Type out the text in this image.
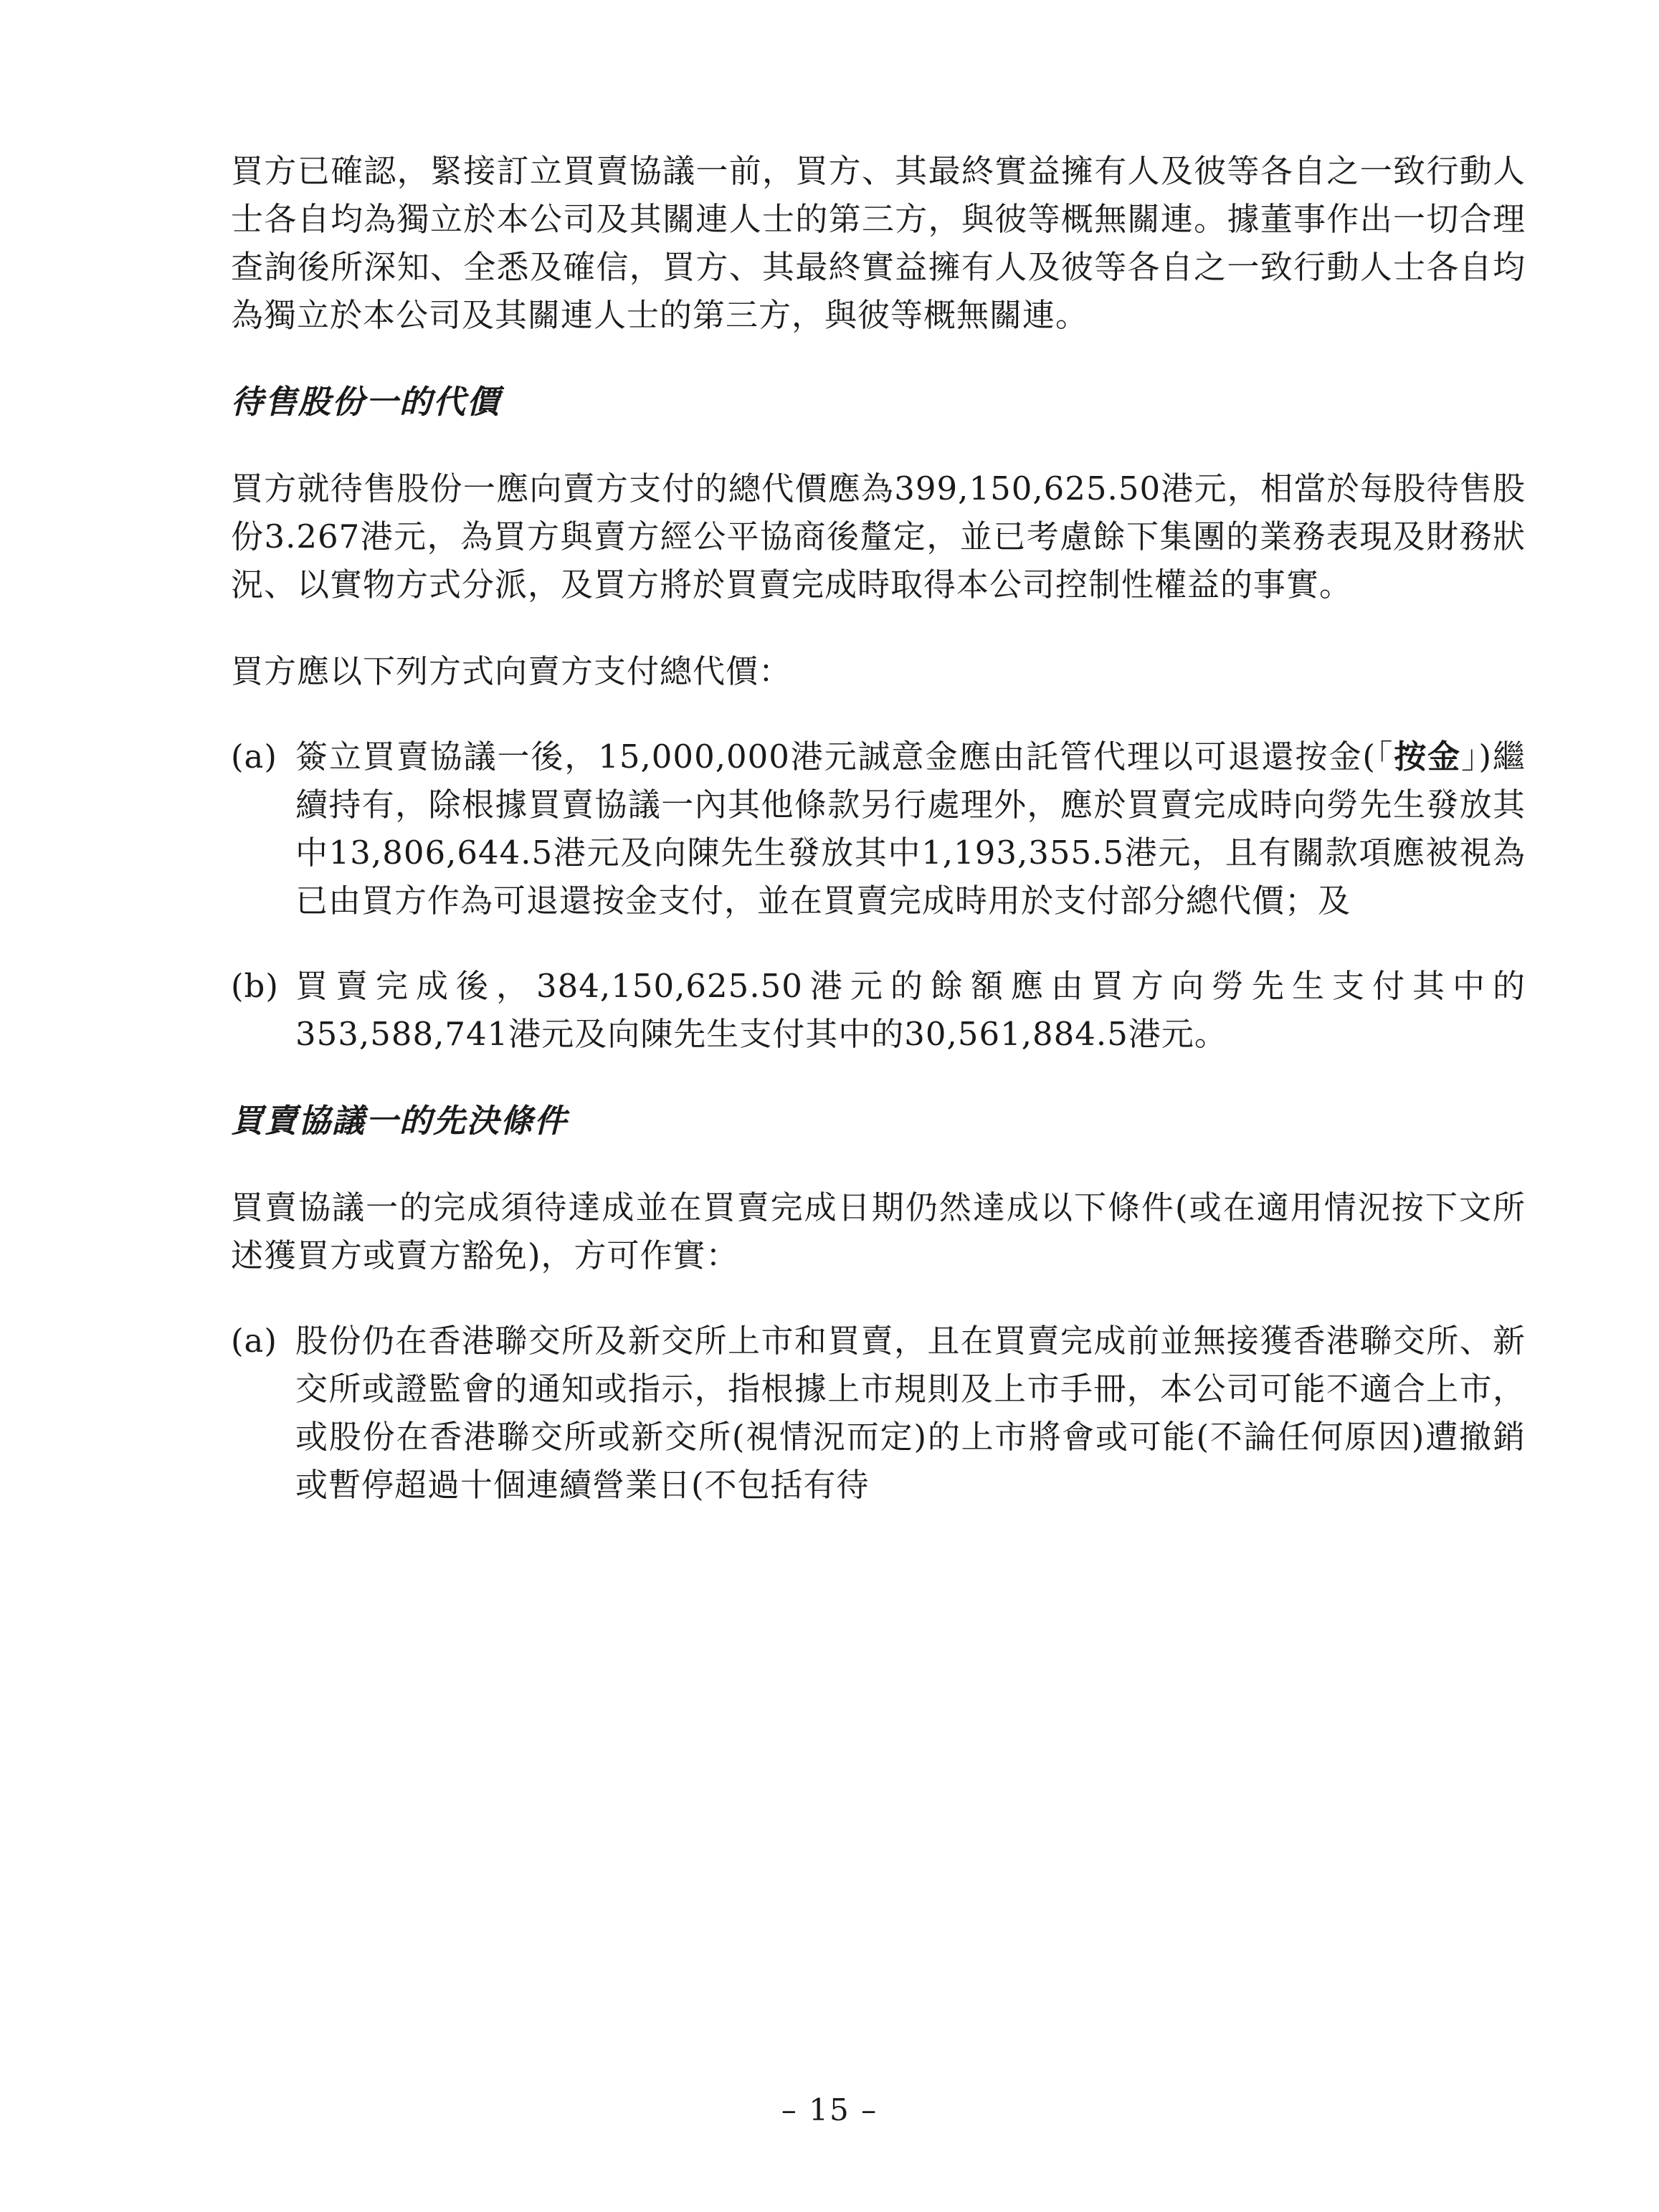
買方已確認，緊接訂立買賣協議一前，買方、其最終實益擁有人及彼等各自之一致行動人士各自均為獨立於本公司及其關連人士的第三方，與彼等概無關連。據董事作出一切合理查詢後所深知、全悉及確信，買方、其最終實益擁有人及彼等各自之一致行動人士各自均為獨立於本公司及其關連人士的第三方，與彼等概無關連。

待售股份一的代價

買方就待售股份一應向賣方支付的總代價應為399,150,625.50港元，相當於每股待售股份3.267港元，為買方與賣方經公平協商後釐定，並已考慮餘下集團的業務表現及財務狀況、以實物方式分派，及買方將於買賣完成時取得本公司控制性權益的事實。

買方應以下列方式向賣方支付總代價：

(a) 簽立買賣協議一後，15,000,000港元誠意金應由託管代理以可退還按金(「按金」)繼續持有，除根據買賣協議一內其他條款另行處理外，應於買賣完成時向勞先生發放其中13,806,644.5港元及向陳先生發放其中1,193,355.5港元，且有關款項應被視為已由買方作為可退還按金支付，並在買賣完成時用於支付部分總代價；及
(b) 買賣完成後，384,150,625.50港元的餘額應由買方向勞先生支付其中的353,588,741港元及向陳先生支付其中的30,561,884.5港元。
買賣協議一的先決條件

買賣協議一的完成須待達成並在買賣完成日期仍然達成以下條件(或在適用情況按下文所述獲買方或賣方豁免)，方可作實：

(a) 股份仍在香港聯交所及新交所上市和買賣，且在買賣完成前並無接獲香港聯交所、新交所或證監會的通知或指示，指根據上市規則及上市手冊，本公司可能不適合上市，或股份在香港聯交所或新交所(視情況而定)的上市將會或可能(不論任何原因)遭撤銷或暫停超過十個連續營業日(不包括有待
– 15 –
